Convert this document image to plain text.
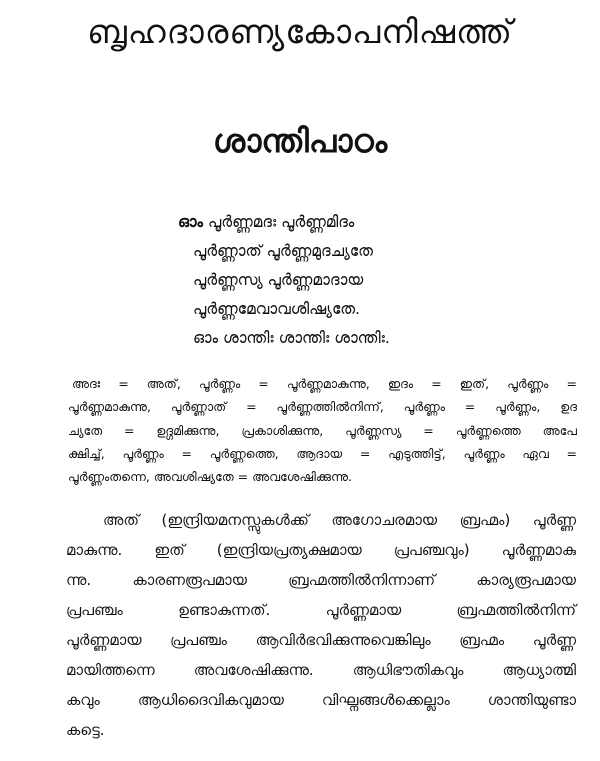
ബൃഹദാരണ്യകോപനിഷത്ത്
ശാന്തിപാഠം
ഓം പൂർണ്ണമദഃ പൂർണ്ണമിദം
പൂർണ്ണാത് പൂർണ്ണമുദച്യതേ
പൂർണ്ണസ്യ പൂർണ്ണമാദായ
പൂർണ്ണമേവാവശിഷ്യതേ.
ഓം ശാന്തിഃ ശാന്തിഃ ശാന്തിഃ.
അദഃ = അത്, പൂർണ്ണം = പൂർണ്ണമാകുന്നു, ഇദം = ഇത്, പൂർണ്ണം =
പൂർണ്ണമാകുന്നു, പൂർണ്ണാത് = പൂർണ്ണത്തിൽനിന്ന്, പൂർണ്ണം = പൂർണ്ണം, ഉദ
ച്യതേ = ഉദ്ഗമിക്കുന്നു, പ്രകാശിക്കുന്നു, പൂർണ്ണസ്യ = പൂർണ്ണത്തെ അപേ
ക്ഷിച്ച്, പൂർണ്ണം = പൂർണ്ണത്തെ, ആദായ = എടുത്തിട്ട്, പൂർണ്ണം ഏവ =
പൂർണ്ണംതന്നെ, അവശിഷ്യതേ = അവശേഷിക്കുന്നു.
അത് (ഇന്ദ്രിയമനസ്സുകൾക്ക് അഗോചരമായ ബ്രഹ്മം) പൂർണ്ണ
മാകുന്നു. ഇത് (ഇന്ദ്രിയപ്രത്യക്ഷമായ പ്രപഞ്ചവും) പൂർണ്ണമാകു
ന്നു. കാരണരൂപമായ ബ്രഹ്മത്തിൽനിന്നാണ് കാര്യരൂപമായ
പ്രപഞ്ചം ഉണ്ടാകുന്നത്. പൂർണ്ണമായ ബ്രഹ്മത്തിൽനിന്ന്
പൂർണ്ണമായ പ്രപഞ്ചം ആവിർഭവിക്കുന്നുവെങ്കിലും ബ്രഹ്മം പൂർണ്ണ
മായിത്തന്നെ അവശേഷിക്കുന്നു. ആധിഭൗതികവും ആധ്യാത്മി
കവും ആധിദൈവികവുമായ വിഘ്നങ്ങൾക്കെല്ലാം ശാന്തിയുണ്ടാ
കട്ടെ.
